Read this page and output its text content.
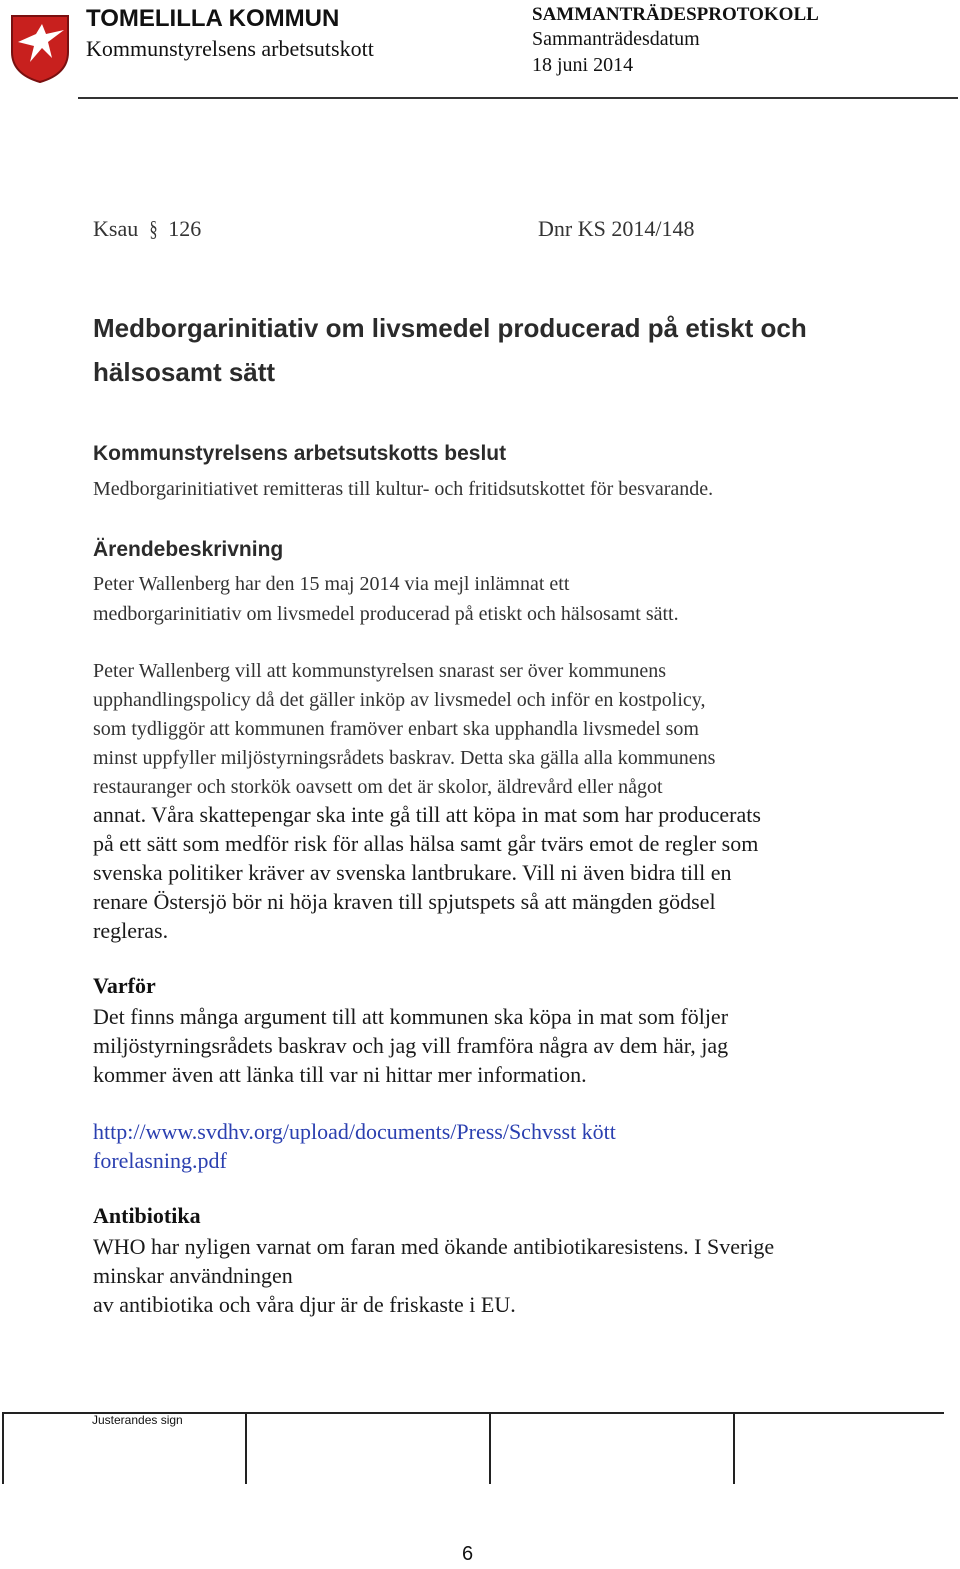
TOMELILLA KOMMUN
Kommunstyrelsens arbetsutskott
SAMMANTRÄDESPROTOKOLL
Sammanträdesdatum
18 juni 2014
Ksau § 126	Dnr KS 2014/148
Medborgarinitiativ om livsmedel producerad på etiskt och hälsosamt sätt
Kommunstyrelsens arbetsutskotts beslut
Medborgarinitiativet remitteras till kultur- och fritidsutskottet för besvarande.
Ärendebeskrivning
Peter Wallenberg har den 15 maj 2014 via mejl inlämnat ett
medborgarinitiativ om livsmedel producerad på etiskt och hälsosamt sätt.
Peter Wallenberg vill att kommunstyrelsen snarast ser över kommunens
upphandlingspolicy då det gäller inköp av livsmedel och inför en kostpolicy,
som tydliggör att kommunen framöver enbart ska upphandla livsmedel som
minst uppfyller miljöstyrningsrådets baskrav. Detta ska gälla alla kommunens
restauranger och storkök oavsett om det är skolor, äldrevård eller något
annat. Våra skattepengar ska inte gå till att köpa in mat som har producerats
på ett sätt som medför risk för allas hälsa samt går tvärs emot de regler som
svenska politiker kräver av svenska lantbrukare. Vill ni även bidra till en
renare Östersjö bör ni höja kraven till spjutspets så att mängden gödsel
regleras.
Varför
Det finns många argument till att kommunen ska köpa in mat som följer
miljöstyrningsrådets baskrav och jag vill framföra några av dem här, jag
kommer även att länka till var ni hittar mer information.
http://www.svdhv.org/upload/documents/Press/Schvsst kött
forelasning.pdf
Antibiotika
WHO har nyligen varnat om faran med ökande antibiotikaresistens. I Sverige
minskar användningen
av antibiotika och våra djur är de friskaste i EU.
Justerandes sign
6
